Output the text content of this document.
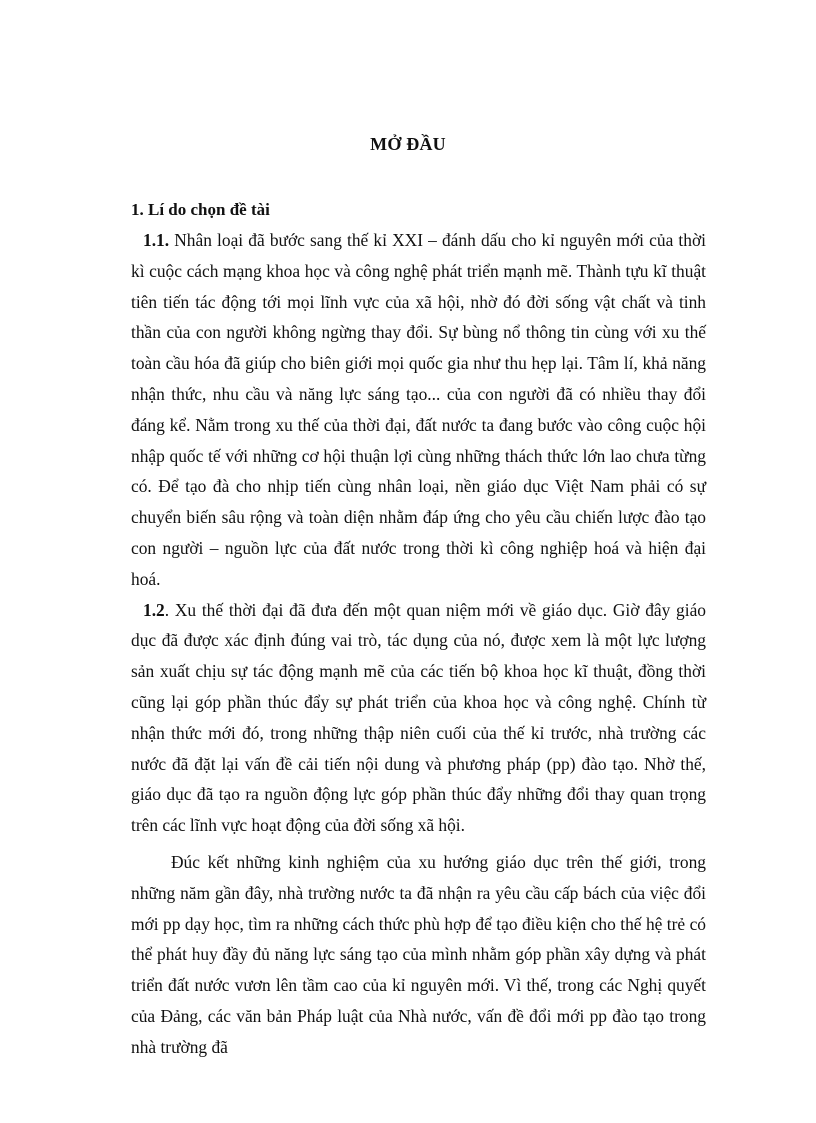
MỞ ĐẦU
1. Lí do chọn đề tài

1.1. Nhân loại đã bước sang thế kỉ XXI – đánh dấu cho kỉ nguyên mới của thời kì cuộc cách mạng khoa học và công nghệ phát triển mạnh mẽ. Thành tựu kĩ thuật tiên tiến tác động tới mọi lĩnh vực của xã hội, nhờ đó đời sống vật chất và tinh thần của con người không ngừng thay đổi. Sự bùng nổ thông tin cùng với xu thế toàn cầu hóa đã giúp cho biên giới mọi quốc gia như thu hẹp lại. Tâm lí, khả năng nhận thức, nhu cầu và năng lực sáng tạo... của con người đã có nhiều thay đổi đáng kể. Nằm trong xu thế của thời đại, đất nước ta đang bước vào công cuộc hội nhập quốc tế với những cơ hội thuận lợi cùng những thách thức lớn lao chưa từng có. Để tạo đà cho nhịp tiến cùng nhân loại, nền giáo dục Việt Nam phải có sự chuyển biến sâu rộng và toàn diện nhằm đáp ứng cho yêu cầu chiến lược đào tạo con người – nguồn lực của đất nước trong thời kì công nghiệp hoá và hiện đại hoá.

1.2. Xu thế thời đại đã đưa đến một quan niệm mới về giáo dục. Giờ đây giáo dục đã được xác định đúng vai trò, tác dụng của nó, được xem là một lực lượng sản xuất chịu sự tác động mạnh mẽ của các tiến bộ khoa học kĩ thuật, đồng thời cũng lại góp phần thúc đẩy sự phát triển của khoa học và công nghệ. Chính từ nhận thức mới đó, trong những thập niên cuối của thế kỉ trước, nhà trường các nước đã đặt lại vấn đề cải tiến nội dung và phương pháp (pp) đào tạo. Nhờ thế, giáo dục đã tạo ra nguồn động lực góp phần thúc đẩy những đổi thay quan trọng trên các lĩnh vực hoạt động của đời sống xã hội.

Đúc kết những kinh nghiệm của xu hướng giáo dục trên thế giới, trong những năm gần đây, nhà trường nước ta đã nhận ra yêu cầu cấp bách của việc đổi mới pp dạy học, tìm ra những cách thức phù hợp để tạo điều kiện cho thế hệ trẻ có thể phát huy đầy đủ năng lực sáng tạo của mình nhằm góp phần xây dựng và phát triển đất nước vươn lên tầm cao của kỉ nguyên mới. Vì thế, trong các Nghị quyết của Đảng, các văn bản Pháp luật của Nhà nước, vấn đề đổi mới pp đào tạo trong nhà trường đã
